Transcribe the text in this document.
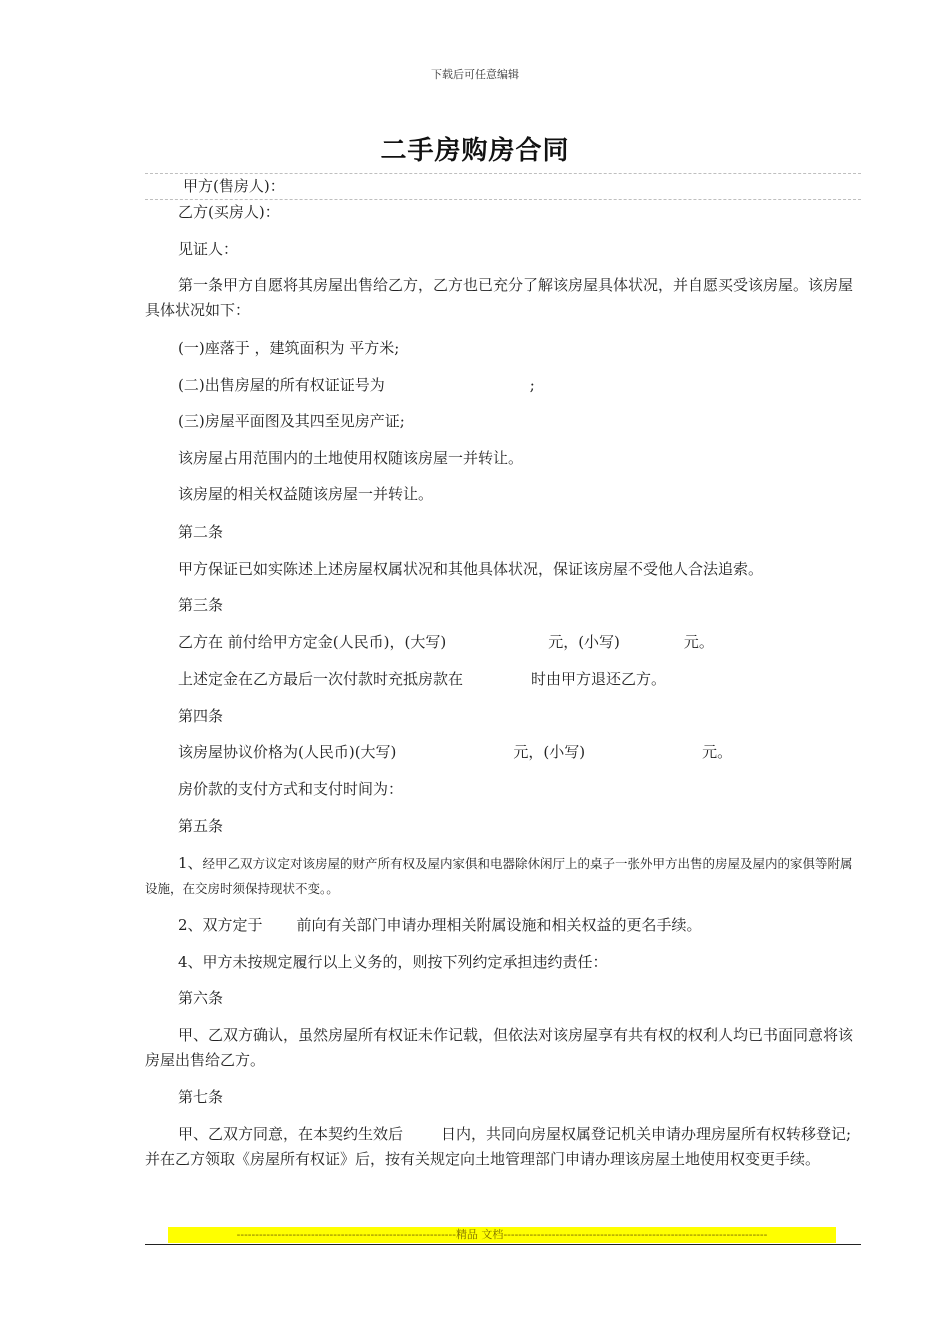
下载后可任意编辑
二手房购房合同
甲方(售房人)：
乙方(买房人)：
见证人：
第一条甲方自愿将其房屋出售给乙方，乙方也已充分了解该房屋具体状况，并自愿买受该房屋。该房屋具体状况如下：
(一)座落于 ，建筑面积为 平方米;
(二)出售房屋的所有权证证号为	;
(三)房屋平面图及其四至见房产证;
该房屋占用范围内的土地使用权随该房屋一并转让。
该房屋的相关权益随该房屋一并转让。
第二条
甲方保证已如实陈述上述房屋权属状况和其他具体状况，保证该房屋不受他人合法追索。
第三条
乙方在 前付给甲方定金(人民币)，(大写)	元，(小写)	元。
上述定金在乙方最后一次付款时充抵房款在	时由甲方退还乙方。
第四条
该房屋协议价格为(人民币)(大写)	元，(小写)	元。
房价款的支付方式和支付时间为：
第五条
1、经甲乙双方议定对该房屋的财产所有权及屋内家俱和电器除休闲厅上的桌子一张外甲方出售的房屋及屋内的家俱等附属设施，在交房时须保持现状不变。。
2、双方定于 前向有关部门申请办理相关附属设施和相关权益的更名手续。
4、甲方未按规定履行以上义务的，则按下列约定承担违约责任：
第六条
甲、乙双方确认，虽然房屋所有权证未作记载，但依法对该房屋享有共有权的权利人均已书面同意将该房屋出售给乙方。
第七条
甲、乙双方同意，在本契约生效后	日内，共同向房屋权属登记机关申请办理房屋所有权转移登记;并在乙方领取《房屋所有权证》后，按有关规定向土地管理部门申请办理该房屋土地使用权变更手续。
-----------------------------------------------------------精品 文档-----------------------------------------------------------------------
